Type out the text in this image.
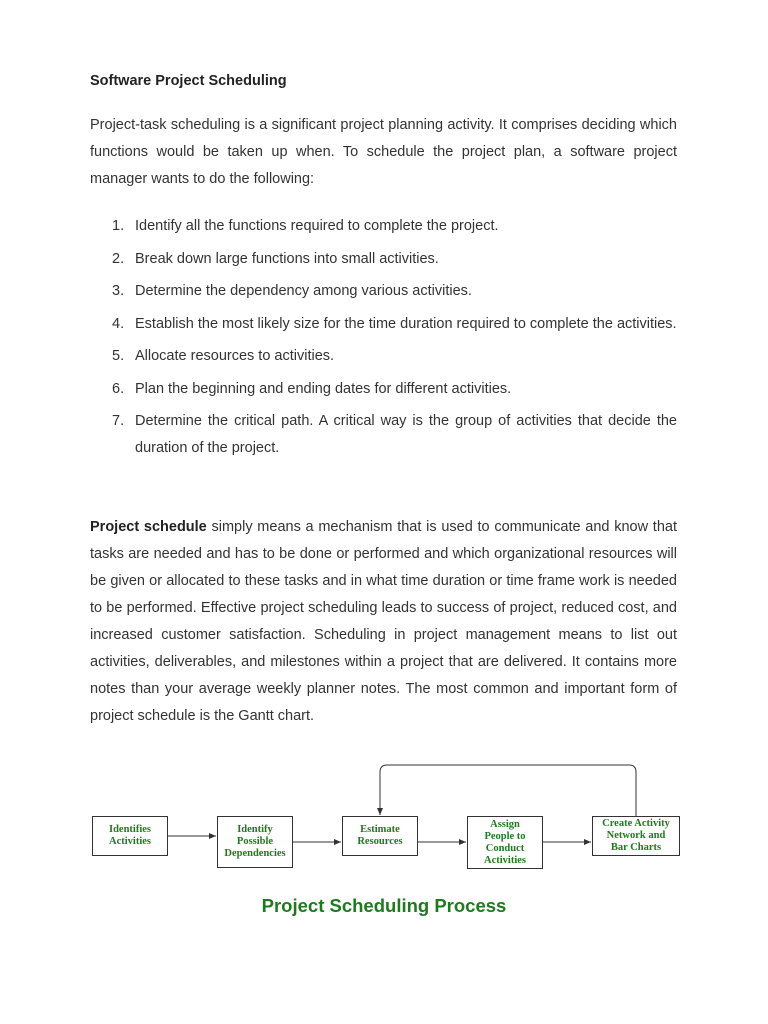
Software Project Scheduling

Project-task scheduling is a significant project planning activity. It comprises deciding which functions would be taken up when. To schedule the project plan, a software project manager wants to do the following:

1. Identify all the functions required to complete the project.
2. Break down large functions into small activities.
3. Determine the dependency among various activities.
4. Establish the most likely size for the time duration required to complete the activities.
5. Allocate resources to activities.
6. Plan the beginning and ending dates for different activities.
7. Determine the critical path. A critical way is the group of activities that decide the duration of the project.

Project schedule simply means a mechanism that is used to communicate and know that tasks are needed and has to be done or performed and which organizational resources will be given or allocated to these tasks and in what time duration or time frame work is needed to be performed. Effective project scheduling leads to success of project, reduced cost, and increased customer satisfaction. Scheduling in project management means to list out activities, deliverables, and milestones within a project that are delivered. It contains more notes than your average weekly planner notes. The most common and important form of project schedule is the Gantt chart.

Identifies
Activities
Identify
Possible
Dependencies
Estimate
Resources
Assign
People to
Conduct
Activities
Create Activity
Network and
Bar Charts
Project Scheduling Process
